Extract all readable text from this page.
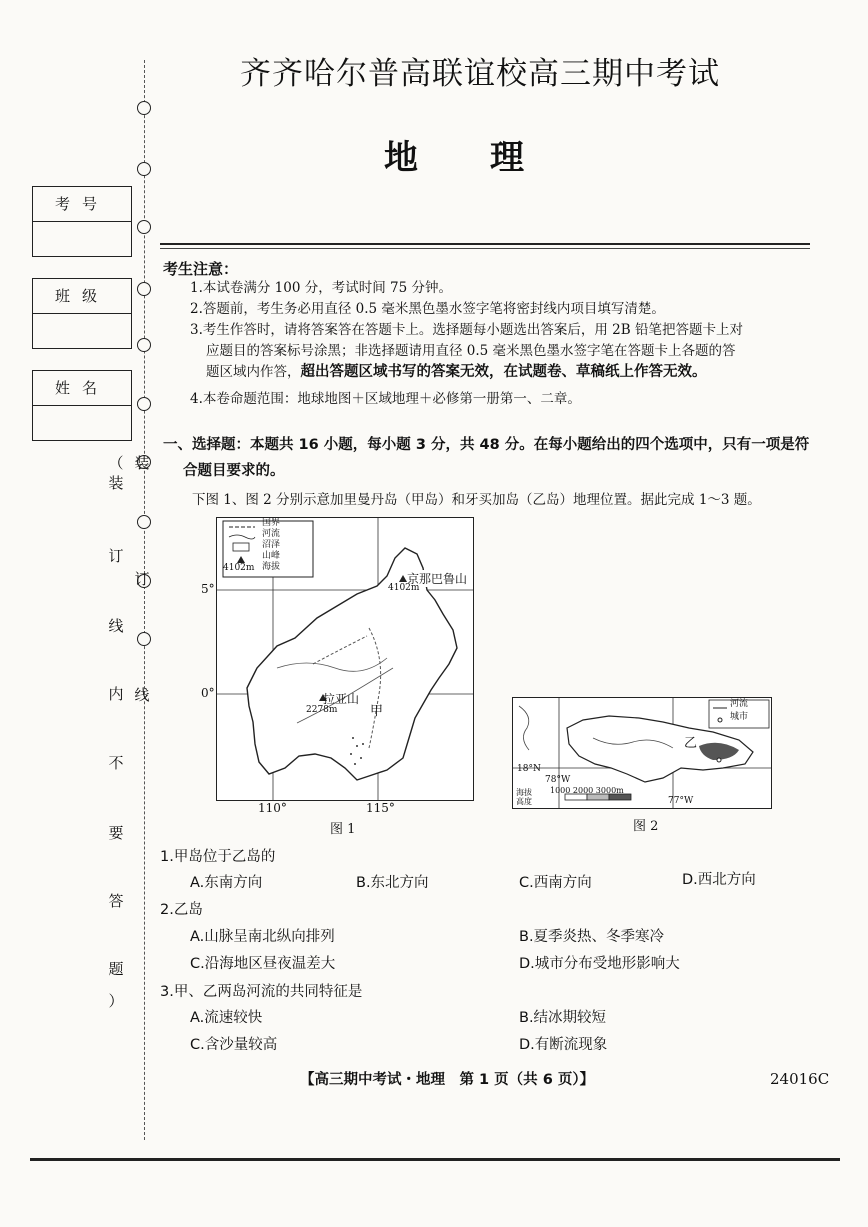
考号
班级
姓名
（
装
订
线
内
不
要
答
题
）
装
订
线
齐齐哈尔普高联谊校高三期中考试
地理
考生注意：
1.本试卷满分 100 分，考试时间 75 分钟。
2.答题前，考生务必用直径 0.5 毫米黑色墨水签字笔将密封线内项目填写清楚。
3.考生作答时，请将答案答在答题卡上。选择题每小题选出答案后，用 2B 铅笔把答题卡上对
应题目的答案标号涂黑；非选择题请用直径 0.5 毫米黑色墨水签字笔在答题卡上各题的答
题区域内作答，超出答题区域书写的答案无效，在试题卷、草稿纸上作答无效。
4.本卷命题范围：地球地图＋区域地理＋必修第一册第一、二章。
一、选择题：本题共 16 小题，每小题 3 分，共 48 分。在每小题给出的四个选项中，只有一项是符
合题目要求的。
下图 1、图 2 分别示意加里曼丹岛（甲岛）和牙买加岛（乙岛）地理位置。据此完成 1～3 题。
国界
河流
沼泽
山峰
海拔
4102m
5°
0°
110°	115°
京那巴鲁山
4102m
拉亚山
2278m	甲
图 1
河流
城市
乙
18°N
78°W
77°W
海拔
高度
1000 2000 3000m
图 2
1.甲岛位于乙岛的
A.东南方向	B.东北方向	C.西南方向	D.西北方向
2.乙岛
A.山脉呈南北纵向排列	B.夏季炎热、冬季寒冷
C.沿海地区昼夜温差大	D.城市分布受地形影响大
3.甲、乙两岛河流的共同特征是
A.流速较快	B.结冰期较短
C.含沙量较高	D.有断流现象
【高三期中考试・地理　第 1 页（共 6 页）】	24016C
